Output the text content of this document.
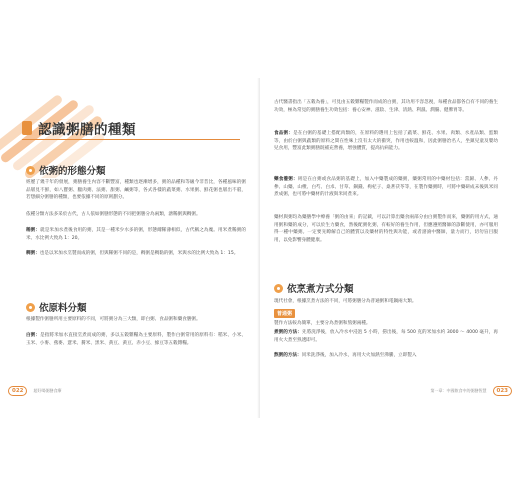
認識粥膳的種類
依粥的形態分類
經歷了幾千年的發展，粥膳養生內容不斷豐富，種類也逐漸增多，粥的品種和等級今非昔比，各種風味的粥品層見不鮮，如八寶粥、臘肉粥、法粥、甜粥、鹹粥等，各式各樣的蔬菜粥、水果粥、鮮花粥也層出不窮，若想細分粥膳的種類，也要依據不同的原則劃分。
依種分類方法多采於古代，古人依如粥膳形態的不同把粥膳分為兩類，溏稀粥與稠粥。
稀粥：就是米加水煮後食用的粥，其是一種米少水多的粥，形態爾稀薄相似，古代稱之為糜。用米煮稀粥的米、水比例大致為 1：20。
稠粥：也是以米加水烹製而成的粥，但與稀粥不同的是，稠粥是稠黏的粥，米與水的比例大致為 1：15。
依原料分類
根據製作粥膳所用主要原料的不同，可將粥分為三大類，即白粥、食品粥和藥食膳粥。
白粥：是指將米加水直接烹煮而成的粥，多以五穀雜糧為主要原料，製作白粥常用的原料有：稻米、小米、玉米、小麥、燕麥、薏米、蕎米、黑米、黃豆、黃豆、赤小豆、綠豆等五穀雜糧。
022	超好喝粥膳食療
古代醫書指出「五穀為養」，可見由五穀雜糧製作而成的白粥，其功用不容忽視，每種食品都各自有不同的養生功效，極為常見的粥膳養生功效包括：養心安神、滋陰、生津、清熱、利濕、潤腸、健脾胃等。
食品粥：是在白粥的基礎上搭配肉類的，在原料的選用上包括了蔬菜、鮮花、水果、肉類、水產品類、蛋類等，由於白粥與蔬類的原料之間在性味上沒有太大的衝突，作用也較溫和，因此粥膳治名人，坐鎮兒童及嬰幼兒食用，豐富此類粥膳既補充營養，增強體質，提高抗病能力。
藥食養粥：則是在白粥或食品粥的基礎上，加入中藥製成的藥粥，藥粥常用的中藥材包括：當歸、人參、丹參、山藥、山楂、白芍、白朮、甘草、銅錢、枸杞子、桑葚茯苓等，在製作藥粥時，可將中藥研成末後與米同煮成粥，也可將中藥材的汁液與米同煮來。
藥材與粥均為藥膳學中療養「粥的由來」的記載，可以計算出藥食兩部分由白粥製作而來，藥粥的用方式，通用粥和藥的成分，可以於生力藥食，然後配粥化粥，有較好的養生作用，但應遵照醫師的診斷使用，亦可服用得一種中藥粥。一定要先瞭解自己的體質以及藥材的特性與功能，或者諮詢中醫師，量力而行，切勿盲目服用，以免影響身體健康。
依烹煮方式分類
現代社會，根據烹煮方法的不同，可將粥膳分為普通粥和電鍋兩大類。
普通粥
製作方法較為簡單，主要分為煮粥和熬粥兩種。
煮粥的方法：先將洗淨後，放入冷水中浸泡 5 小時，撈出後，每 500 克的米加水約 3000 ～ 4000 毫升，再用火大煮至熟透即可。
熬粥的方法：同米洗淨後，加入冷水，再用大火加熱至沸騰，立即製入
第一章：中國飲食中的粥膳智慧	023
